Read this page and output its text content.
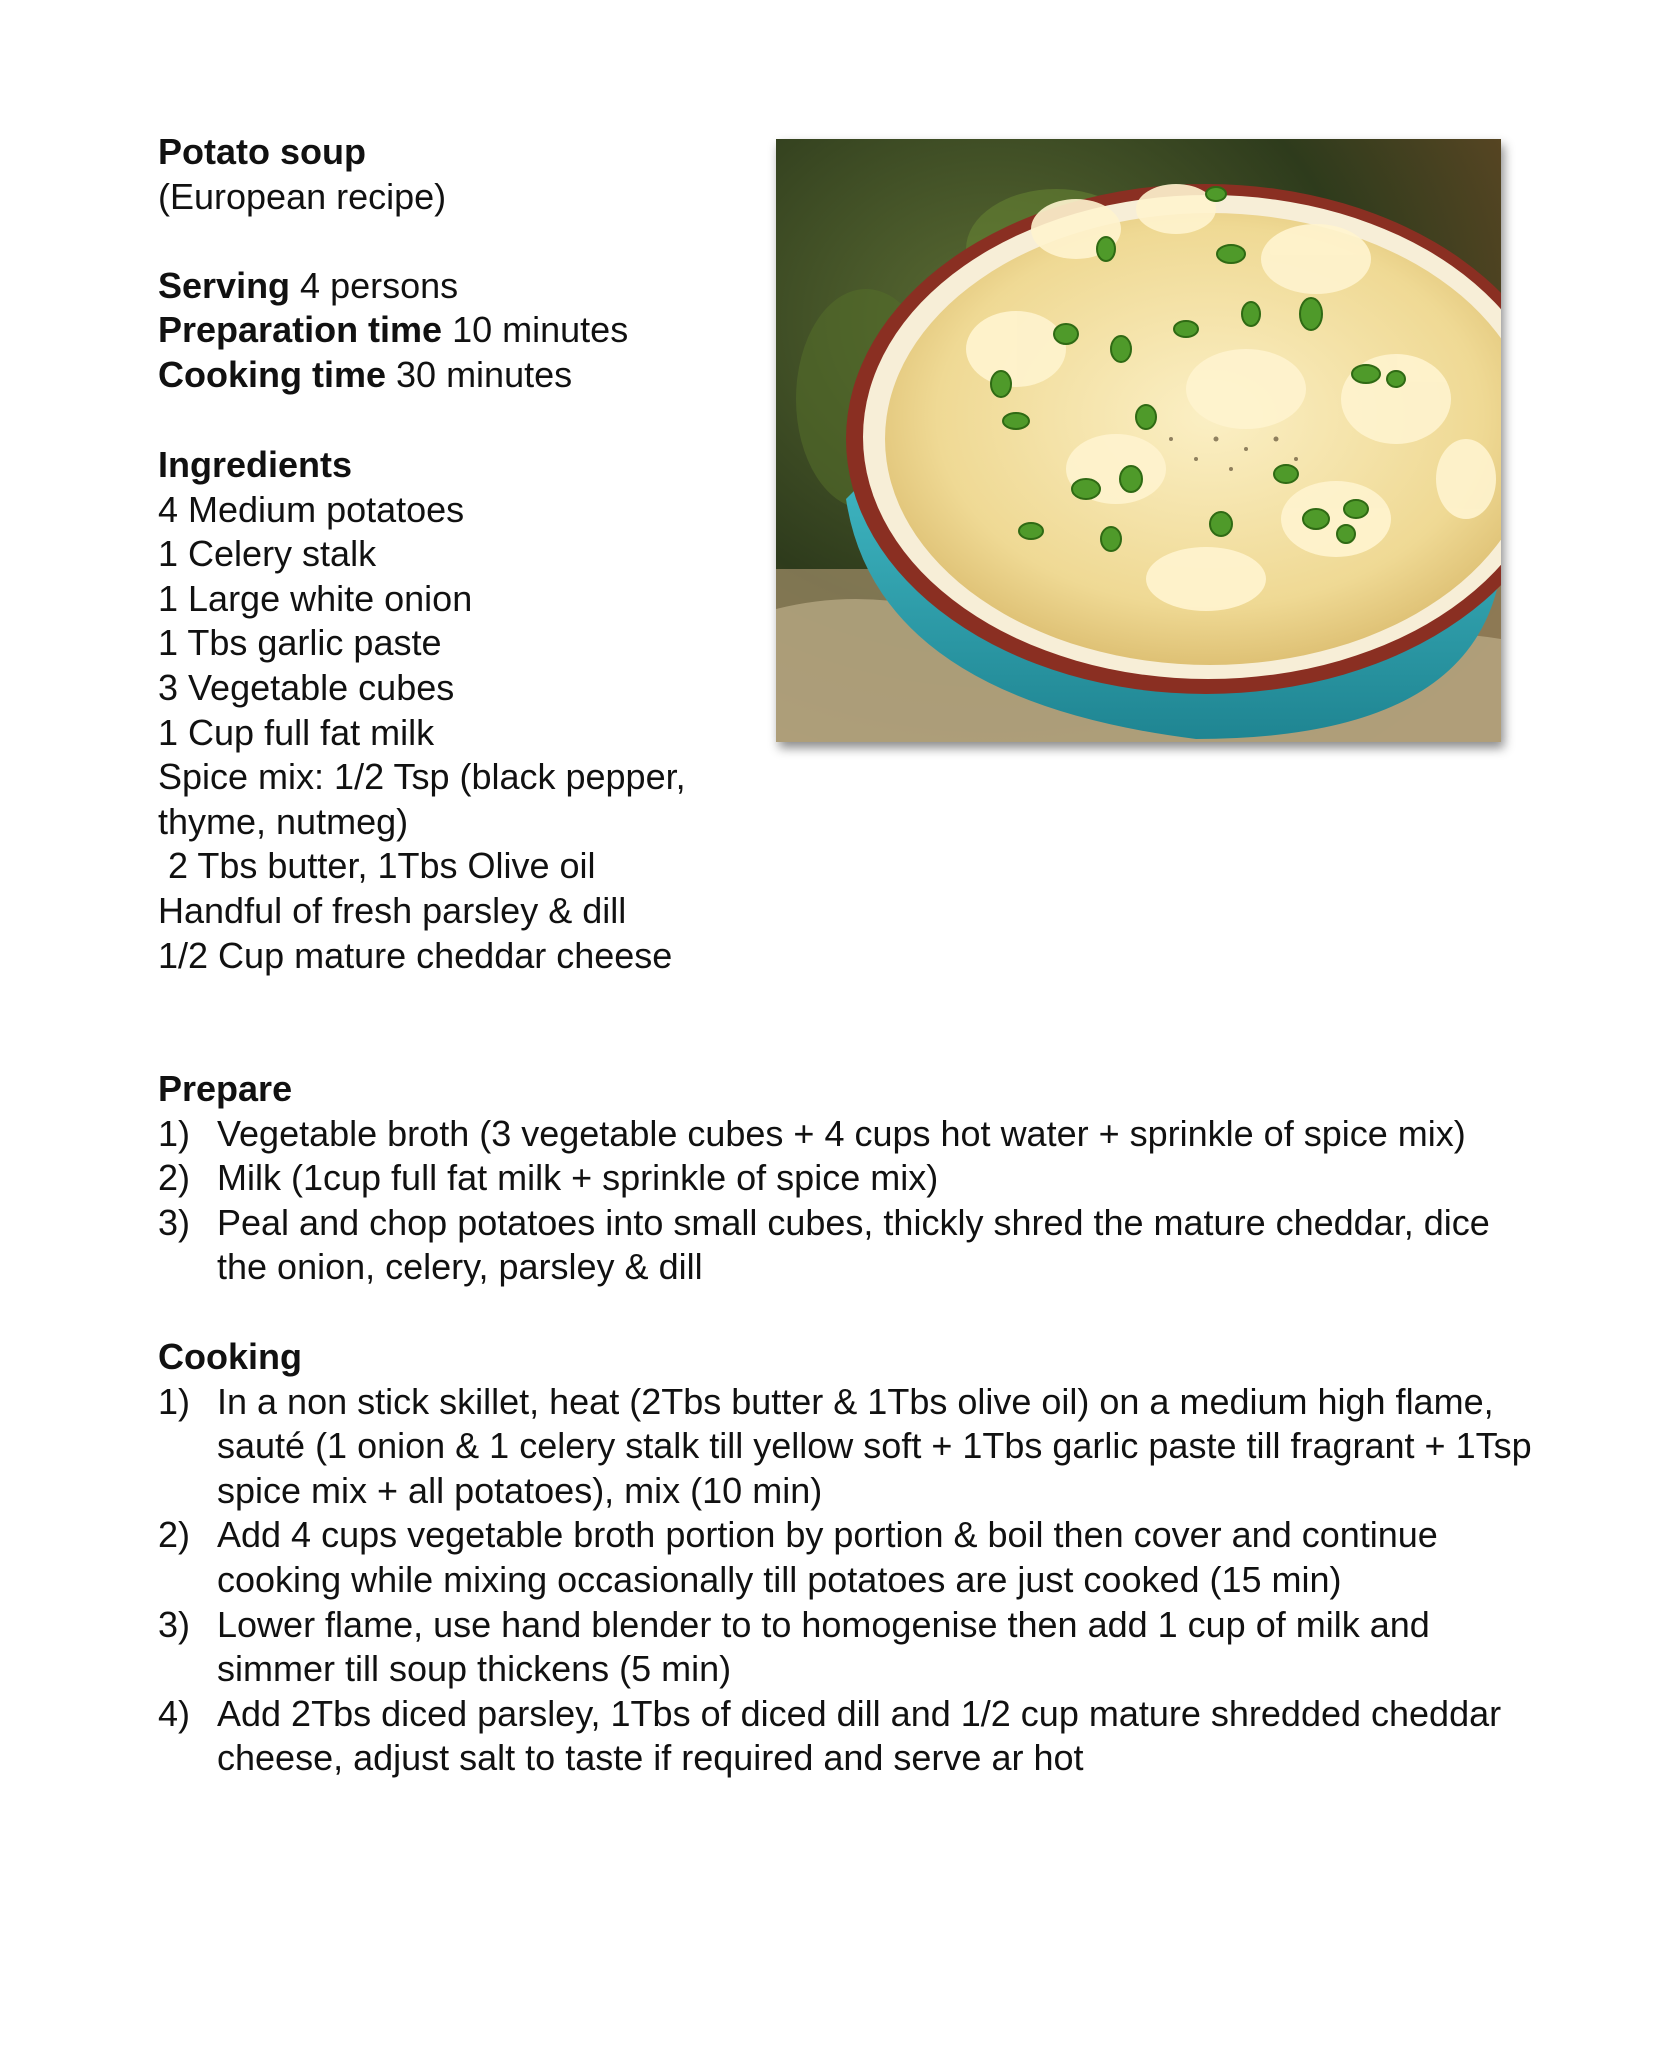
Potato soup
(European recipe)

Serving 4 persons
Preparation time 10 minutes
Cooking time 30 minutes
Ingredients
4 Medium potatoes
1 Celery stalk
1 Large white onion
1 Tbs garlic paste
3 Vegetable cubes
1 Cup full fat milk
Spice mix: 1/2 Tsp (black pepper,
thyme, nutmeg)
2 Tbs butter, 1Tbs Olive oil
Handful of fresh parsley & dill
1/2 Cup mature cheddar cheese
Prepare
1) Vegetable broth (3 vegetable cubes + 4 cups hot water + sprinkle of spice mix)
2) Milk (1cup full fat milk + sprinkle of spice mix)
3) Peal and chop potatoes into small cubes, thickly shred the mature cheddar, dice the onion, celery, parsley & dill
Cooking
1) In a non stick skillet, heat (2Tbs butter & 1Tbs olive oil) on a medium high flame, sauté (1 onion & 1 celery stalk till yellow soft + 1Tbs garlic paste till fragrant + 1Tsp spice mix + all potatoes), mix (10 min)
2) Add 4 cups vegetable broth portion by portion & boil then cover and continue cooking while mixing occasionally till potatoes are just cooked (15 min)
3) Lower flame, use hand blender to to homogenise then add 1 cup of milk and simmer till soup thickens (5 min)
4) Add 2Tbs diced parsley, 1Tbs of diced dill and 1/2 cup mature shredded cheddar cheese, adjust salt to taste if required and serve ar hot
